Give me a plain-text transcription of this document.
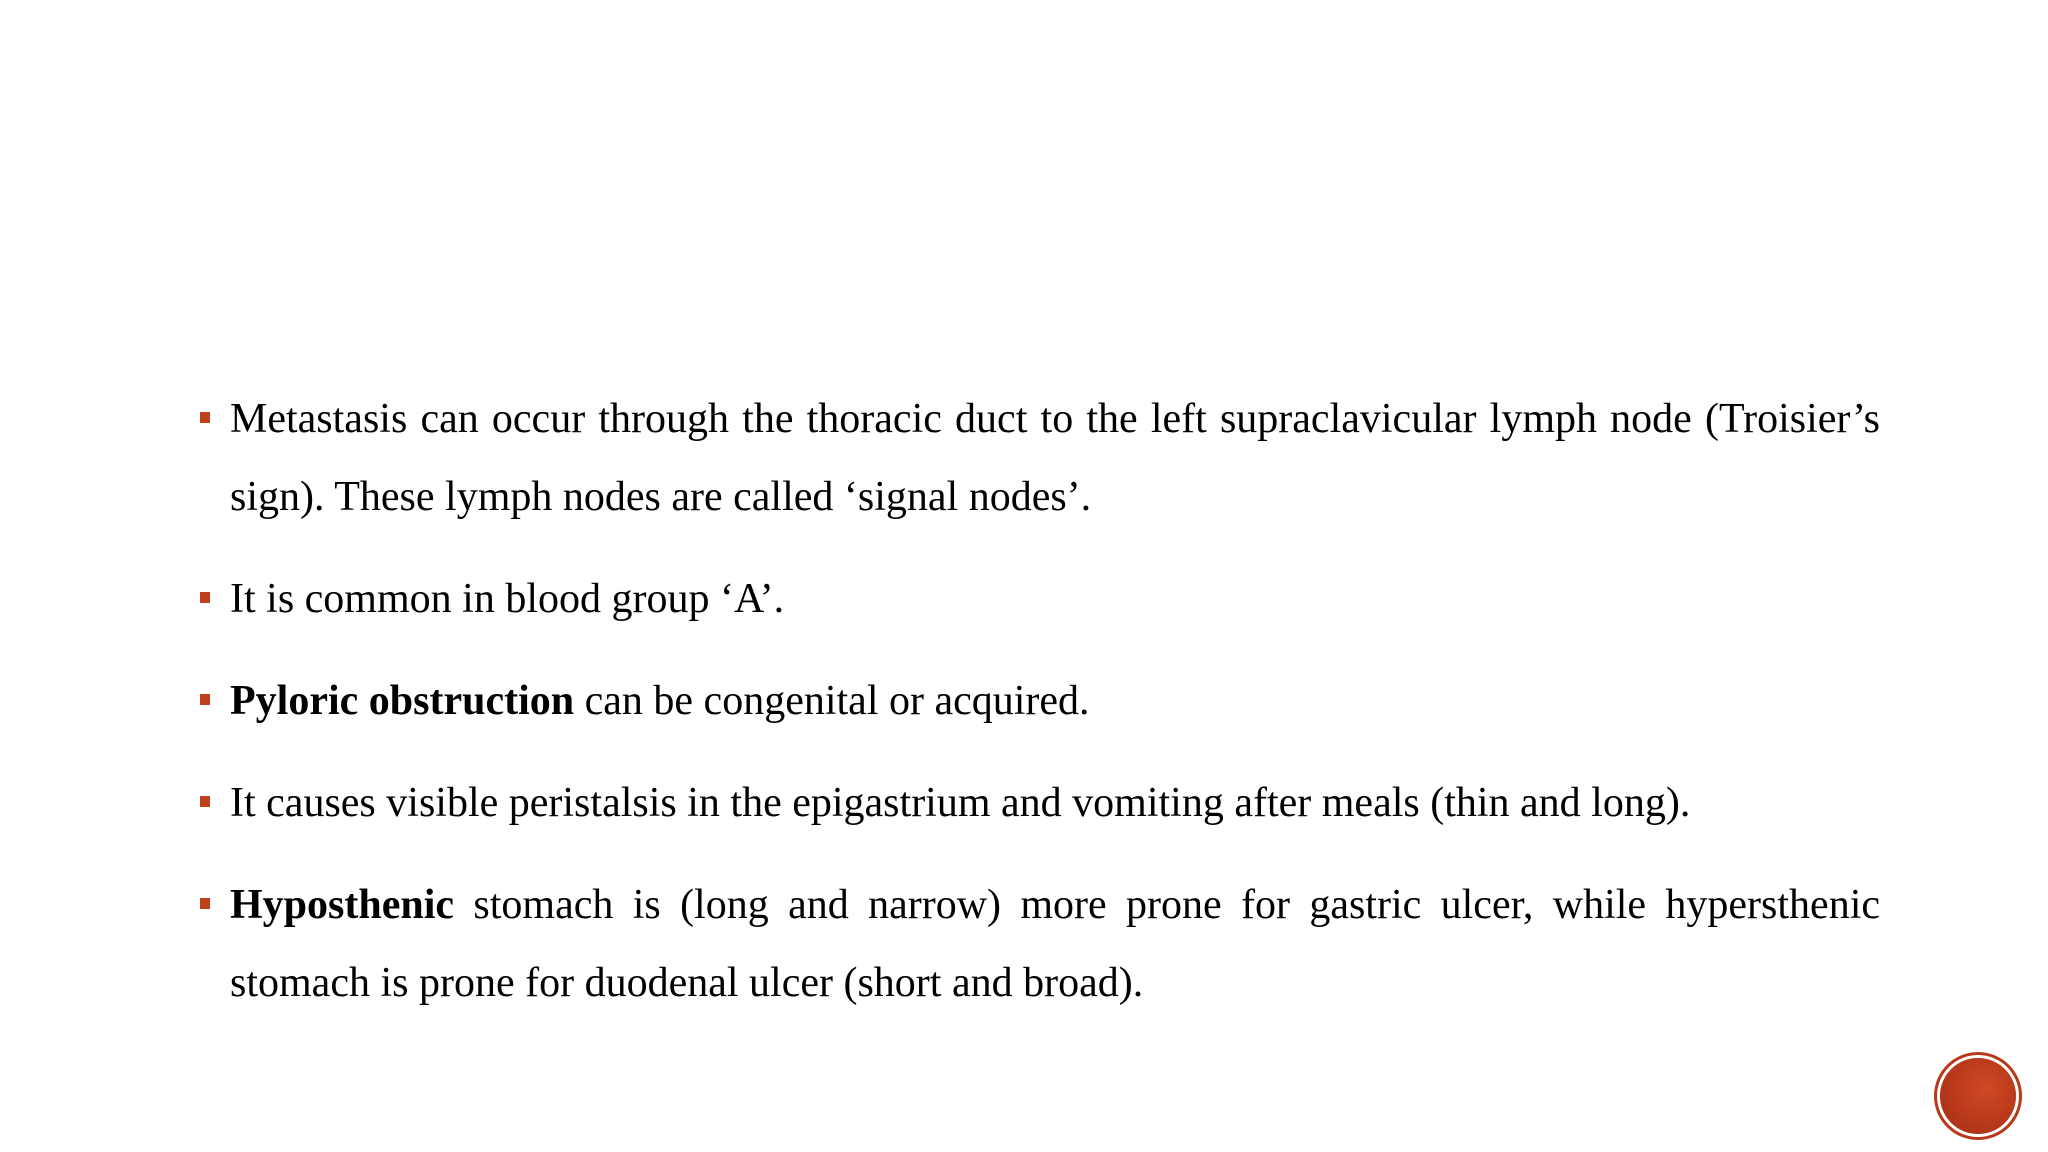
Metastasis can occur through the thoracic duct to the left supraclavicular lymph node (Troisier’s sign). These lymph nodes are called ‘signal nodes’.
It is common in blood group ‘A’.
Pyloric obstruction can be congenital or acquired.
It causes visible peristalsis in the epigastrium and vomiting after meals (thin and long).
Hyposthenic stomach is (long and narrow) more prone for gastric ulcer, while hypersthenic stomach is prone for duodenal ulcer (short and broad).
